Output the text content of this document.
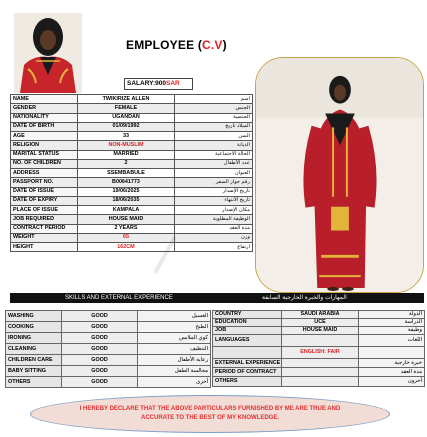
EMPLOYEE (C.V)
SALARY:900SAR
NAME	TWIKIRIZE ALLEN	اسم
GENDER	FEMALE	الجنس
NATIONALITY	UGANDAN	الجنسية
DATE OF BIRTH	01/09/1992	الميلاد تاريخ
AGE	33	السن
RELIGION	NON-MUSLIM	الديانة
MARITAL STATUS	MARRIED	الحالة الاجتماعية
NO. OF CHILDREN	2	عدد الأطفال
ADDRESS	SSEMBABULE	العنوان
PASSPORT NO.	B00641773	رقم جواز السفر
DATE OF ISSUE	19/06/2025	تاريخ الإصدار
DATE OF EXPIRY	18/06/2035	تاريخ الانتهاء
PLACE OF ISSUE	KAMPALA	مكان الإصدار
JOB REQUIRED	HOUSE MAID	الوظيفة المطلوبة
CONTRACT PERIOD	2 YEARS	مدة العقد
WEIGHT	65	وزن
HEIGHT	162CM	ارتفاع
SKILLS AND EXTERNAL EXPERIENCE	المهارات والخبرة الخارجية السابقة
WASHING	GOOD	الغسيل
COOKING	GOOD	الطبخ
IRONING	GOOD	كوي الملابس
CLEANING	GOOD	التنظيف
CHILDREN CARE	GOOD	رعاية الأطفال
BABY SITTING	GOOD	مجالسة الطفل
OTHERS	GOOD	أخرى
COUNTRY	SAUDI ARABIA	الدولة
EDUCATION	UCE	الدراسة
JOB	HOUSE MAID	وظيفة
LANGUAGES		اللغات
	ENGLISH: FAIR	
EXTERNAL EXPERIENCE		خبرة خارجية
PERIOD OF CONTRACT		مدة العقد
OTHERS		أخرون
I HEREBY DECLARE THAT THE ABOVE PARTICULARS FURNISHED BY ME ARE TRUE AND
ACCURATE TO THE BEST OF MY KNOWLEDGE.
